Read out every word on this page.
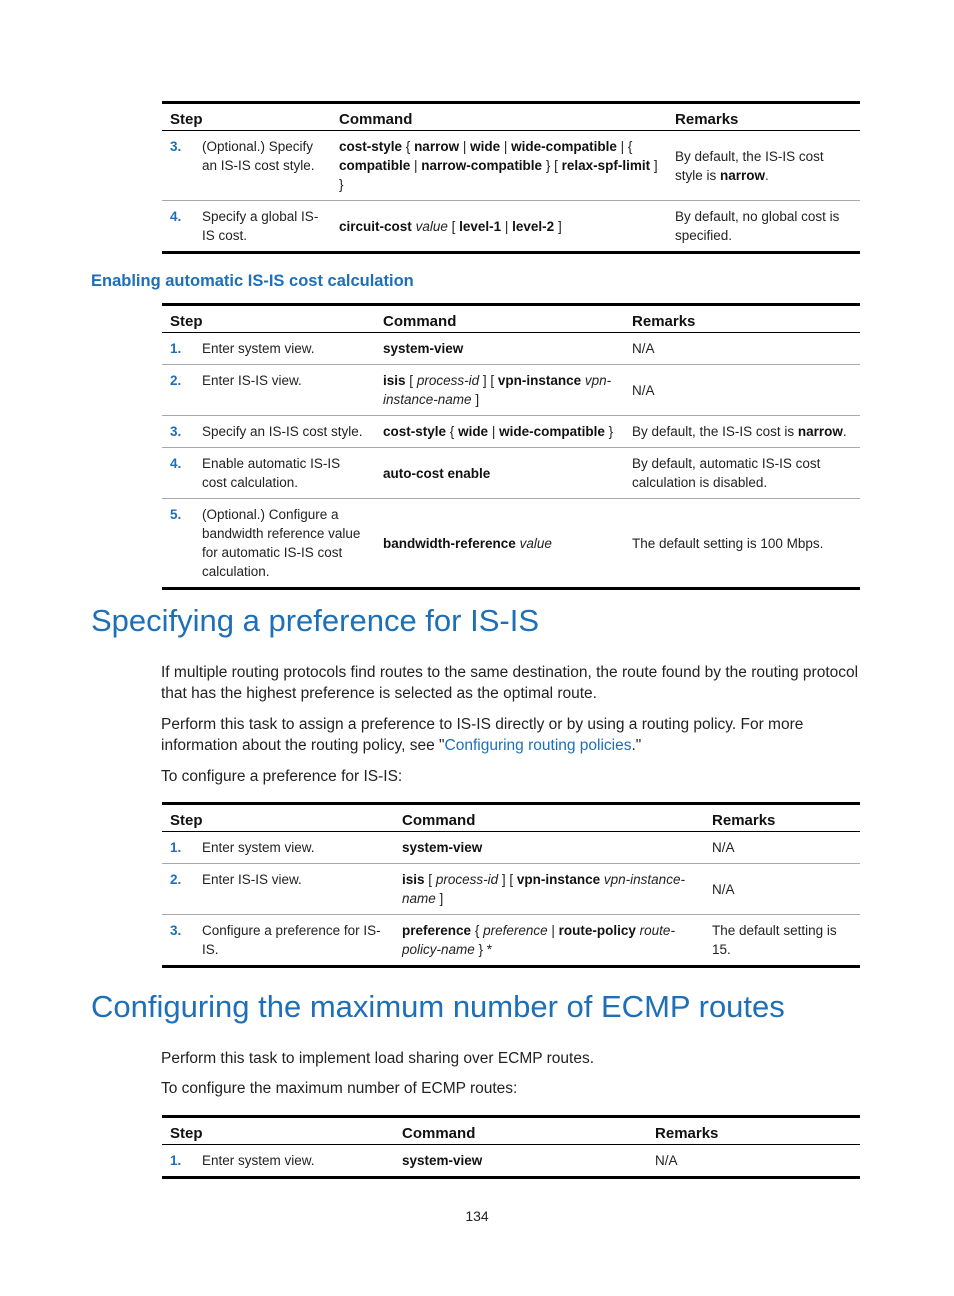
Step		Command	Remarks
3.	(Optional.) Specify an IS-IS cost style.	cost-style { narrow | wide | wide-compatible | { compatible | narrow-compatible } [ relax-spf-limit ] }	By default, the IS-IS cost style is narrow.
4.	Specify a global IS-IS cost.	circuit-cost value [ level-1 | level-2 ]	By default, no global cost is specified.
Enabling automatic IS-IS cost calculation
Step		Command	Remarks
1.	Enter system view.	system-view	N/A
2.	Enter IS-IS view.	isis [ process-id ] [ vpn-instance vpn-instance-name ]	N/A
3.	Specify an IS-IS cost style.	cost-style { wide | wide-compatible }	By default, the IS-IS cost is narrow.
4.	Enable automatic IS-IS cost calculation.	auto-cost enable	By default, automatic IS-IS cost calculation is disabled.
5.	(Optional.) Configure a bandwidth reference value for automatic IS-IS cost calculation.	bandwidth-reference value	The default setting is 100 Mbps.
Specifying a preference for IS-IS

If multiple routing protocols find routes to the same destination, the route found by the routing protocol that has the highest preference is selected as the optimal route.

Perform this task to assign a preference to IS-IS directly or by using a routing policy. For more information about the routing policy, see "Configuring routing policies."

To configure a preference for IS-IS:

Step		Command	Remarks
1.	Enter system view.	system-view	N/A
2.	Enter IS-IS view.	isis [ process-id ] [ vpn-instance vpn-instance-name ]	N/A
3.	Configure a preference for IS-IS.	preference { preference | route-policy route-policy-name } *	The default setting is 15.
Configuring the maximum number of ECMP routes

Perform this task to implement load sharing over ECMP routes.

To configure the maximum number of ECMP routes:

Step		Command	Remarks
1.	Enter system view.	system-view	N/A
134
